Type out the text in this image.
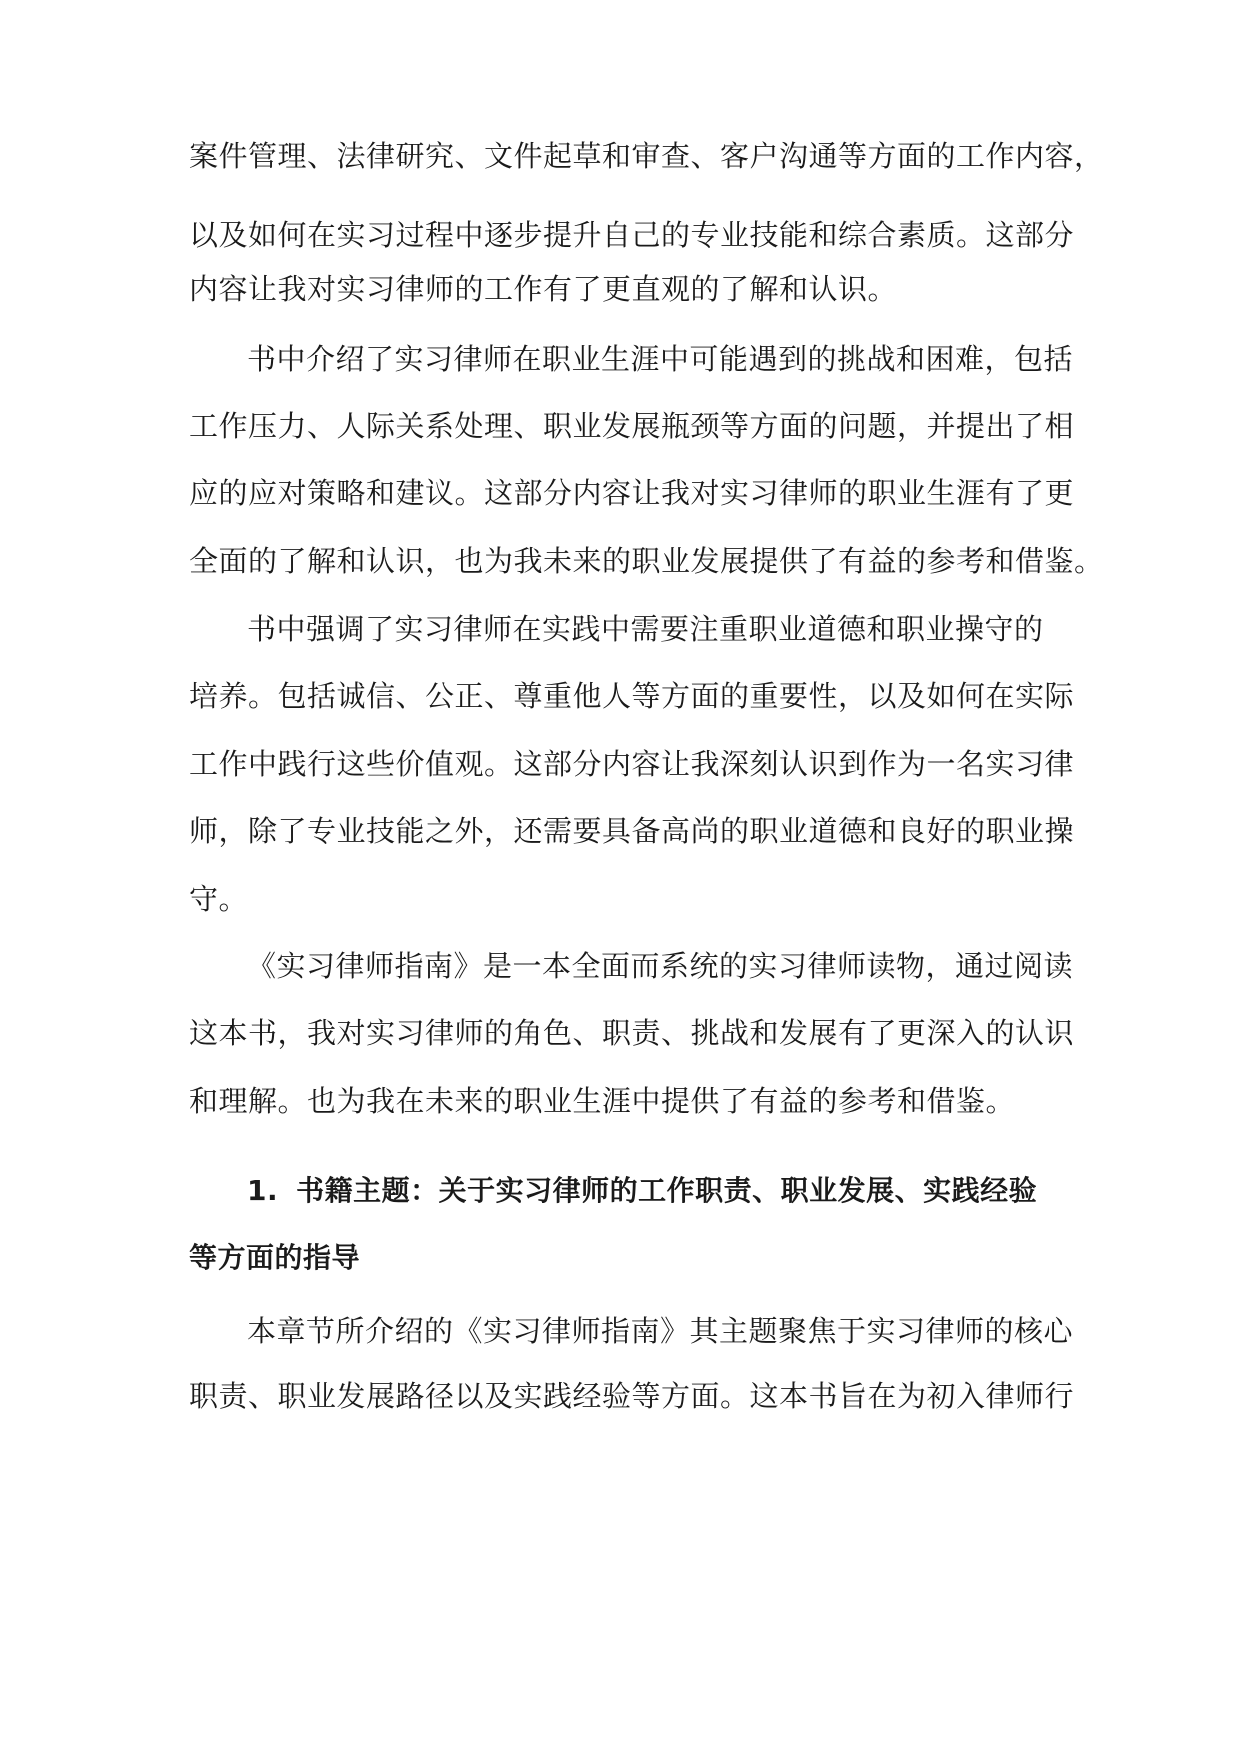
案件管理、法律研究、文件起草和审查、客户沟通等方面的工作内容，
以及如何在实习过程中逐步提升自己的专业技能和综合素质。这部分
内容让我对实习律师的工作有了更直观的了解和认识。
书中介绍了实习律师在职业生涯中可能遇到的挑战和困难，包括
工作压力、人际关系处理、职业发展瓶颈等方面的问题，并提出了相
应的应对策略和建议。这部分内容让我对实习律师的职业生涯有了更
全面的了解和认识，也为我未来的职业发展提供了有益的参考和借鉴。
书中强调了实习律师在实践中需要注重职业道德和职业操守的
培养。包括诚信、公正、尊重他人等方面的重要性，以及如何在实际
工作中践行这些价值观。这部分内容让我深刻认识到作为一名实习律
师，除了专业技能之外，还需要具备高尚的职业道德和良好的职业操
守。
《实习律师指南》是一本全面而系统的实习律师读物，通过阅读
这本书，我对实习律师的角色、职责、挑战和发展有了更深入的认识
和理解。也为我在未来的职业生涯中提供了有益的参考和借鉴。
1. 书籍主题：关于实习律师的工作职责、职业发展、实践经验
等方面的指导
本章节所介绍的《实习律师指南》其主题聚焦于实习律师的核心
职责、职业发展路径以及实践经验等方面。这本书旨在为初入律师行
